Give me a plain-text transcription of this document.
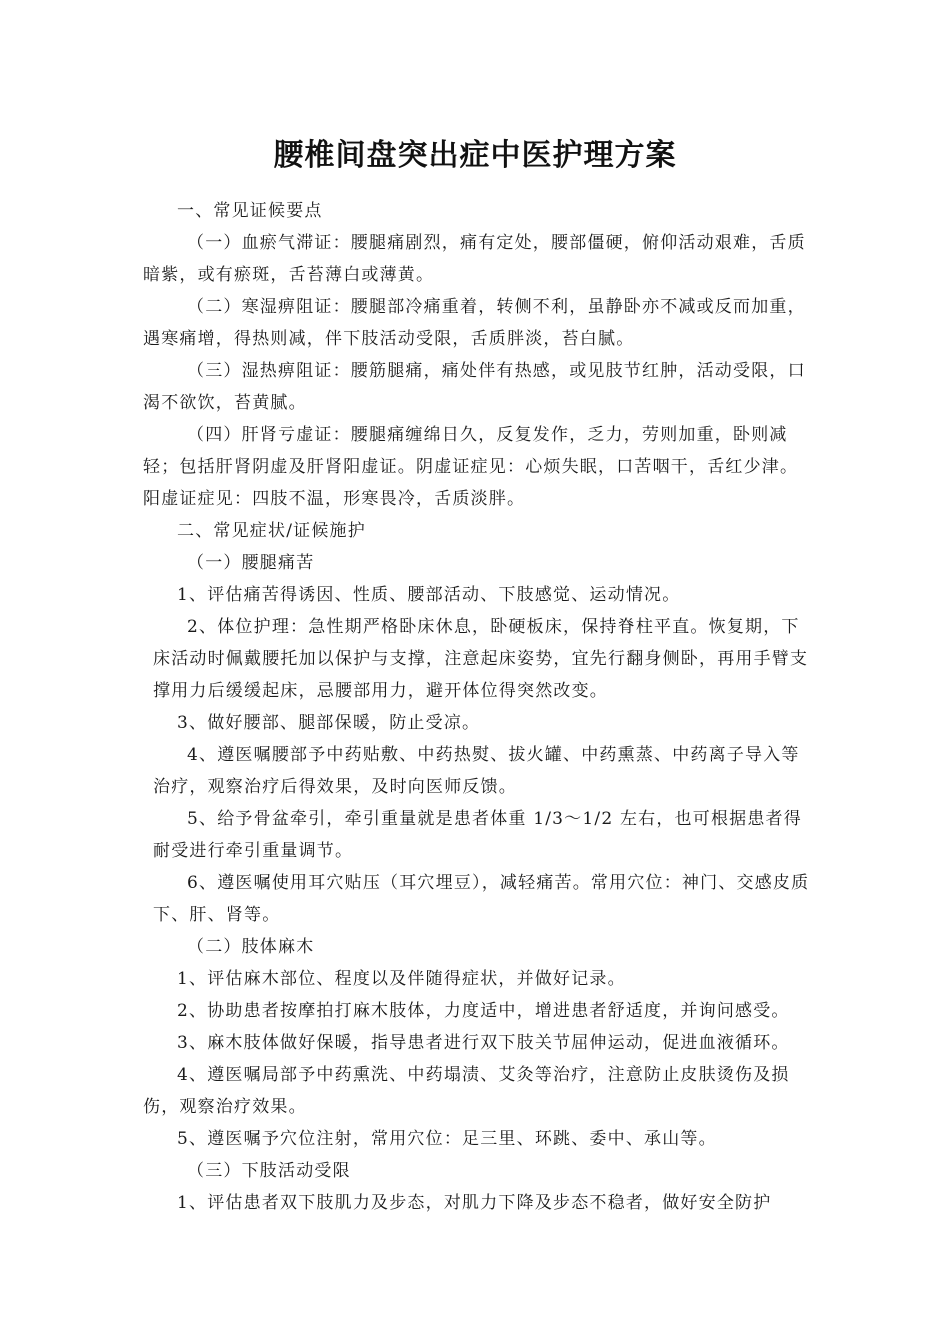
腰椎间盘突出症中医护理方案

一、常见证候要点

（一）血瘀气滞证：腰腿痛剧烈，痛有定处，腰部僵硬，俯仰活动艰难，舌质暗紫，或有瘀斑，舌苔薄白或薄黄。

（二）寒湿痹阻证：腰腿部冷痛重着，转侧不利，虽静卧亦不减或反而加重，遇寒痛增，得热则减，伴下肢活动受限，舌质胖淡，苔白腻。

（三）湿热痹阻证：腰筋腿痛，痛处伴有热感，或见肢节红肿，活动受限，口渴不欲饮，苔黄腻。

（四）肝肾亏虚证：腰腿痛缠绵日久，反复发作，乏力，劳则加重，卧则减轻；包括肝肾阴虚及肝肾阳虚证。阴虚证症见：心烦失眠，口苦咽干，舌红少津。阳虚证症见：四肢不温，形寒畏冷，舌质淡胖。

二、常见症状/证候施护

（一）腰腿痛苦

1、评估痛苦得诱因、性质、腰部活动、下肢感觉、运动情况。

2、体位护理：急性期严格卧床休息，卧硬板床，保持脊柱平直。恢复期，下床活动时佩戴腰托加以保护与支撑，注意起床姿势，宜先行翻身侧卧，再用手臂支撑用力后缓缓起床，忌腰部用力，避开体位得突然改变。

3、做好腰部、腿部保暖，防止受凉。

4、遵医嘱腰部予中药贴敷、中药热熨、拔火罐、中药熏蒸、中药离子导入等治疗，观察治疗后得效果，及时向医师反馈。

5、给予骨盆牵引，牵引重量就是患者体重 1/3～1/2 左右，也可根据患者得耐受进行牵引重量调节。

6、遵医嘱使用耳穴贴压（耳穴埋豆），减轻痛苦。常用穴位：神门、交感皮质下、肝、肾等。

（二）肢体麻木

1、评估麻木部位、程度以及伴随得症状，并做好记录。

2、协助患者按摩拍打麻木肢体，力度适中，增进患者舒适度，并询问感受。

3、麻木肢体做好保暖，指导患者进行双下肢关节屈伸运动，促进血液循环。

4、遵医嘱局部予中药熏洗、中药塌渍、艾灸等治疗，注意防止皮肤烫伤及损伤，观察治疗效果。

5、遵医嘱予穴位注射，常用穴位：足三里、环跳、委中、承山等。

（三）下肢活动受限

1、评估患者双下肢肌力及步态，对肌力下降及步态不稳者，做好安全防护
